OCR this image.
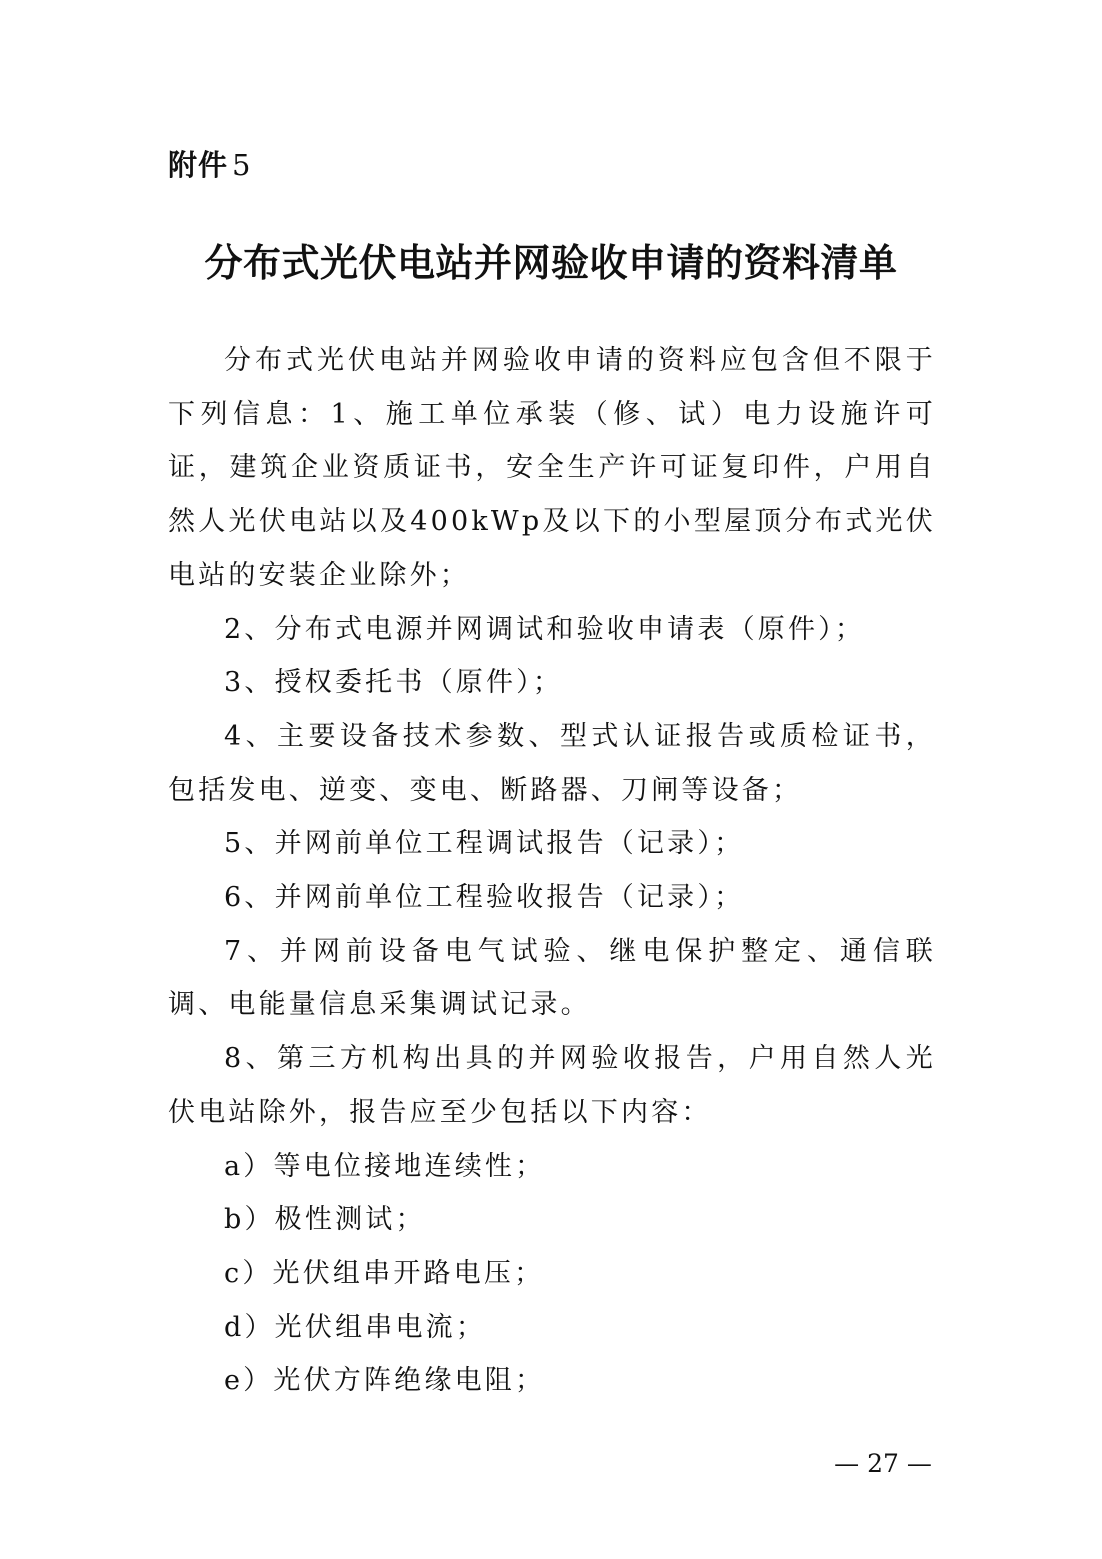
附件 5
分布式光伏电站并网验收申请的资料清单

分布式光伏电站并网验收申请的资料应包含但不限于下列信息：1、施工单位承装（修、试）电力设施许可证，建筑企业资质证书，安全生产许可证复印件，户用自然人光伏电站以及400kWp及以下的小型屋顶分布式光伏电站的安装企业除外；

2、分布式电源并网调试和验收申请表（原件）；

3、授权委托书（原件）；

4、主要设备技术参数、型式认证报告或质检证书，包括发电、逆变、变电、断路器、刀闸等设备；

5、并网前单位工程调试报告（记录）；

6、并网前单位工程验收报告（记录）；

7、并网前设备电气试验、继电保护整定、通信联调、电能量信息采集调试记录。

8、第三方机构出具的并网验收报告，户用自然人光伏电站除外，报告应至少包括以下内容：

a）等电位接地连续性；

b）极性测试；

c）光伏组串开路电压；

d）光伏组串电流；

e）光伏方阵绝缘电阻；

— 27 —
